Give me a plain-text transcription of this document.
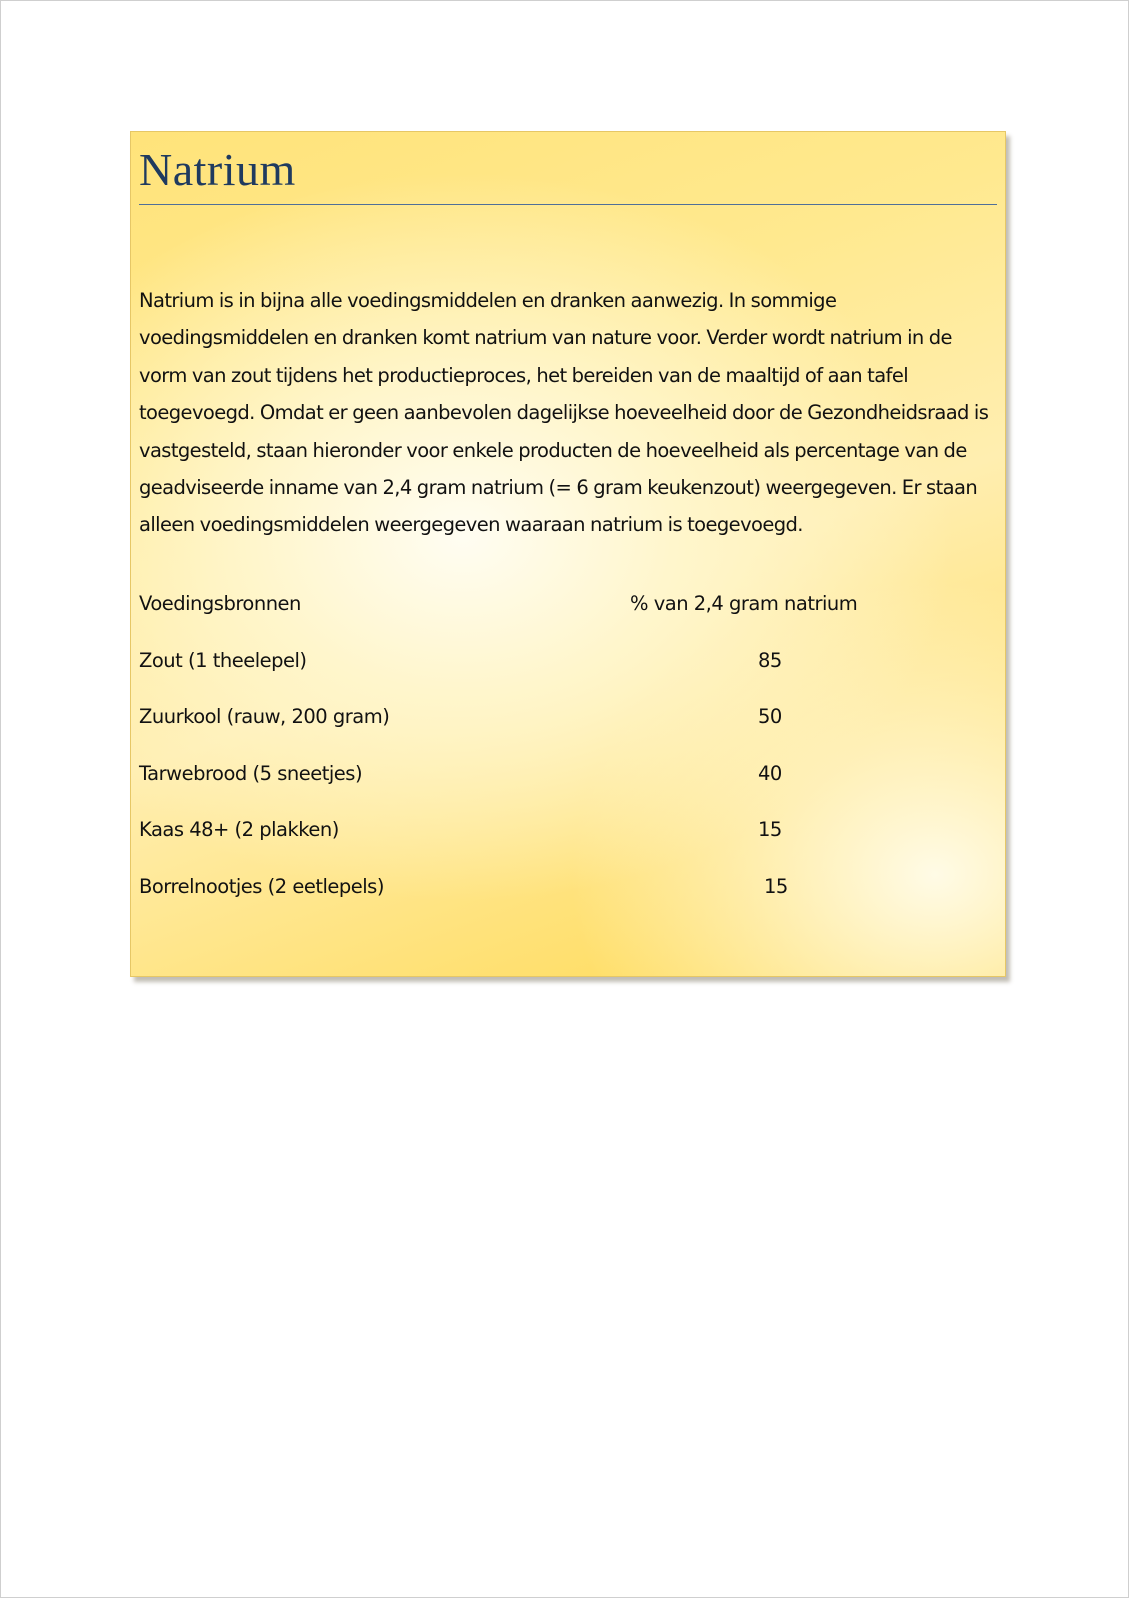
Natrium

Natrium is in bijna alle voedingsmiddelen en dranken aanwezig. In sommige voedingsmiddelen en dranken komt natrium van nature voor. Verder wordt natrium in de vorm van zout tijdens het productieproces, het bereiden van de maaltijd of aan tafel toegevoegd. Omdat er geen aanbevolen dagelijkse hoeveelheid door de Gezondheidsraad is vastgesteld, staan hieronder voor enkele producten de hoeveelheid als percentage van de geadviseerde inname van 2,4 gram natrium (= 6 gram keukenzout) weergegeven. Er staan alleen voedingsmiddelen weergegeven waaraan natrium is toegevoegd.

Voedingsbronnen	% van 2,4 gram natrium
Zout (1 theelepel)	85
Zuurkool (rauw, 200 gram)	50
Tarwebrood (5 sneetjes)	40
Kaas 48+ (2 plakken)	15
Borrelnootjes (2 eetlepels)	15
